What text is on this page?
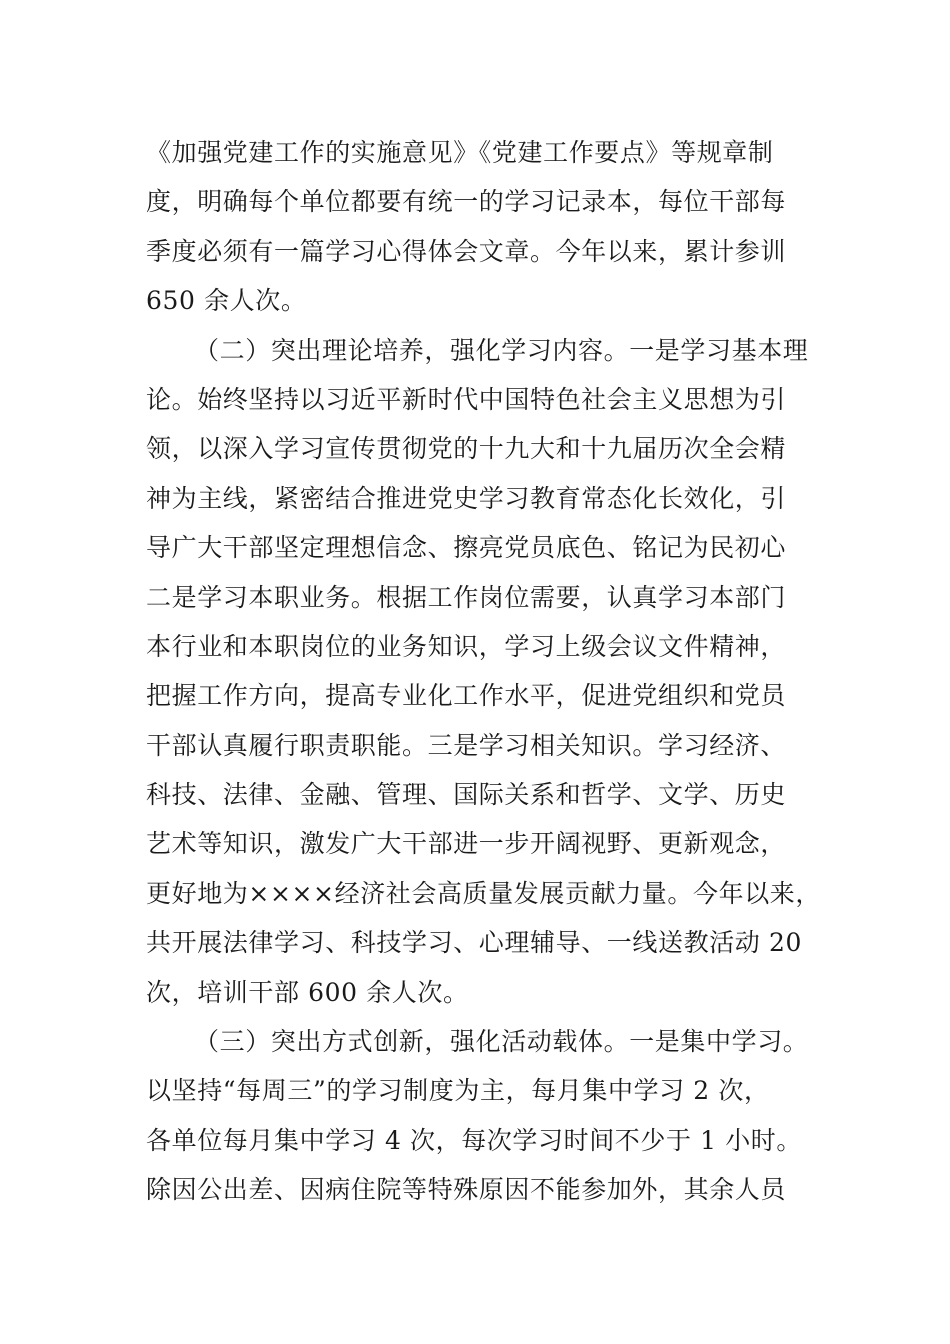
《加强党建工作的实施意见》《党建工作要点》等规章制
度，明确每个单位都要有统一的学习记录本，每位干部每
季度必须有一篇学习心得体会文章。今年以来，累计参训
650 余人次。
（二）突出理论培养，强化学习内容。一是学习基本理
论。始终坚持以习近平新时代中国特色社会主义思想为引
领，以深入学习宣传贯彻党的十九大和十九届历次全会精
神为主线，紧密结合推进党史学习教育常态化长效化，引
导广大干部坚定理想信念、擦亮党员底色、铭记为民初心
二是学习本职业务。根据工作岗位需要，认真学习本部门
本行业和本职岗位的业务知识，学习上级会议文件精神，
把握工作方向，提高专业化工作水平，促进党组织和党员
干部认真履行职责职能。三是学习相关知识。学习经济、
科技、法律、金融、管理、国际关系和哲学、文学、历史
艺术等知识，激发广大干部进一步开阔视野、更新观念，
更好地为××××经济社会高质量发展贡献力量。今年以来，
共开展法律学习、科技学习、心理辅导、一线送教活动 20
次，培训干部 600 余人次。
（三）突出方式创新，强化活动载体。一是集中学习。
以坚持“每周三”的学习制度为主，每月集中学习 2 次，
各单位每月集中学习 4 次，每次学习时间不少于 1 小时。
除因公出差、因病住院等特殊原因不能参加外，其余人员
